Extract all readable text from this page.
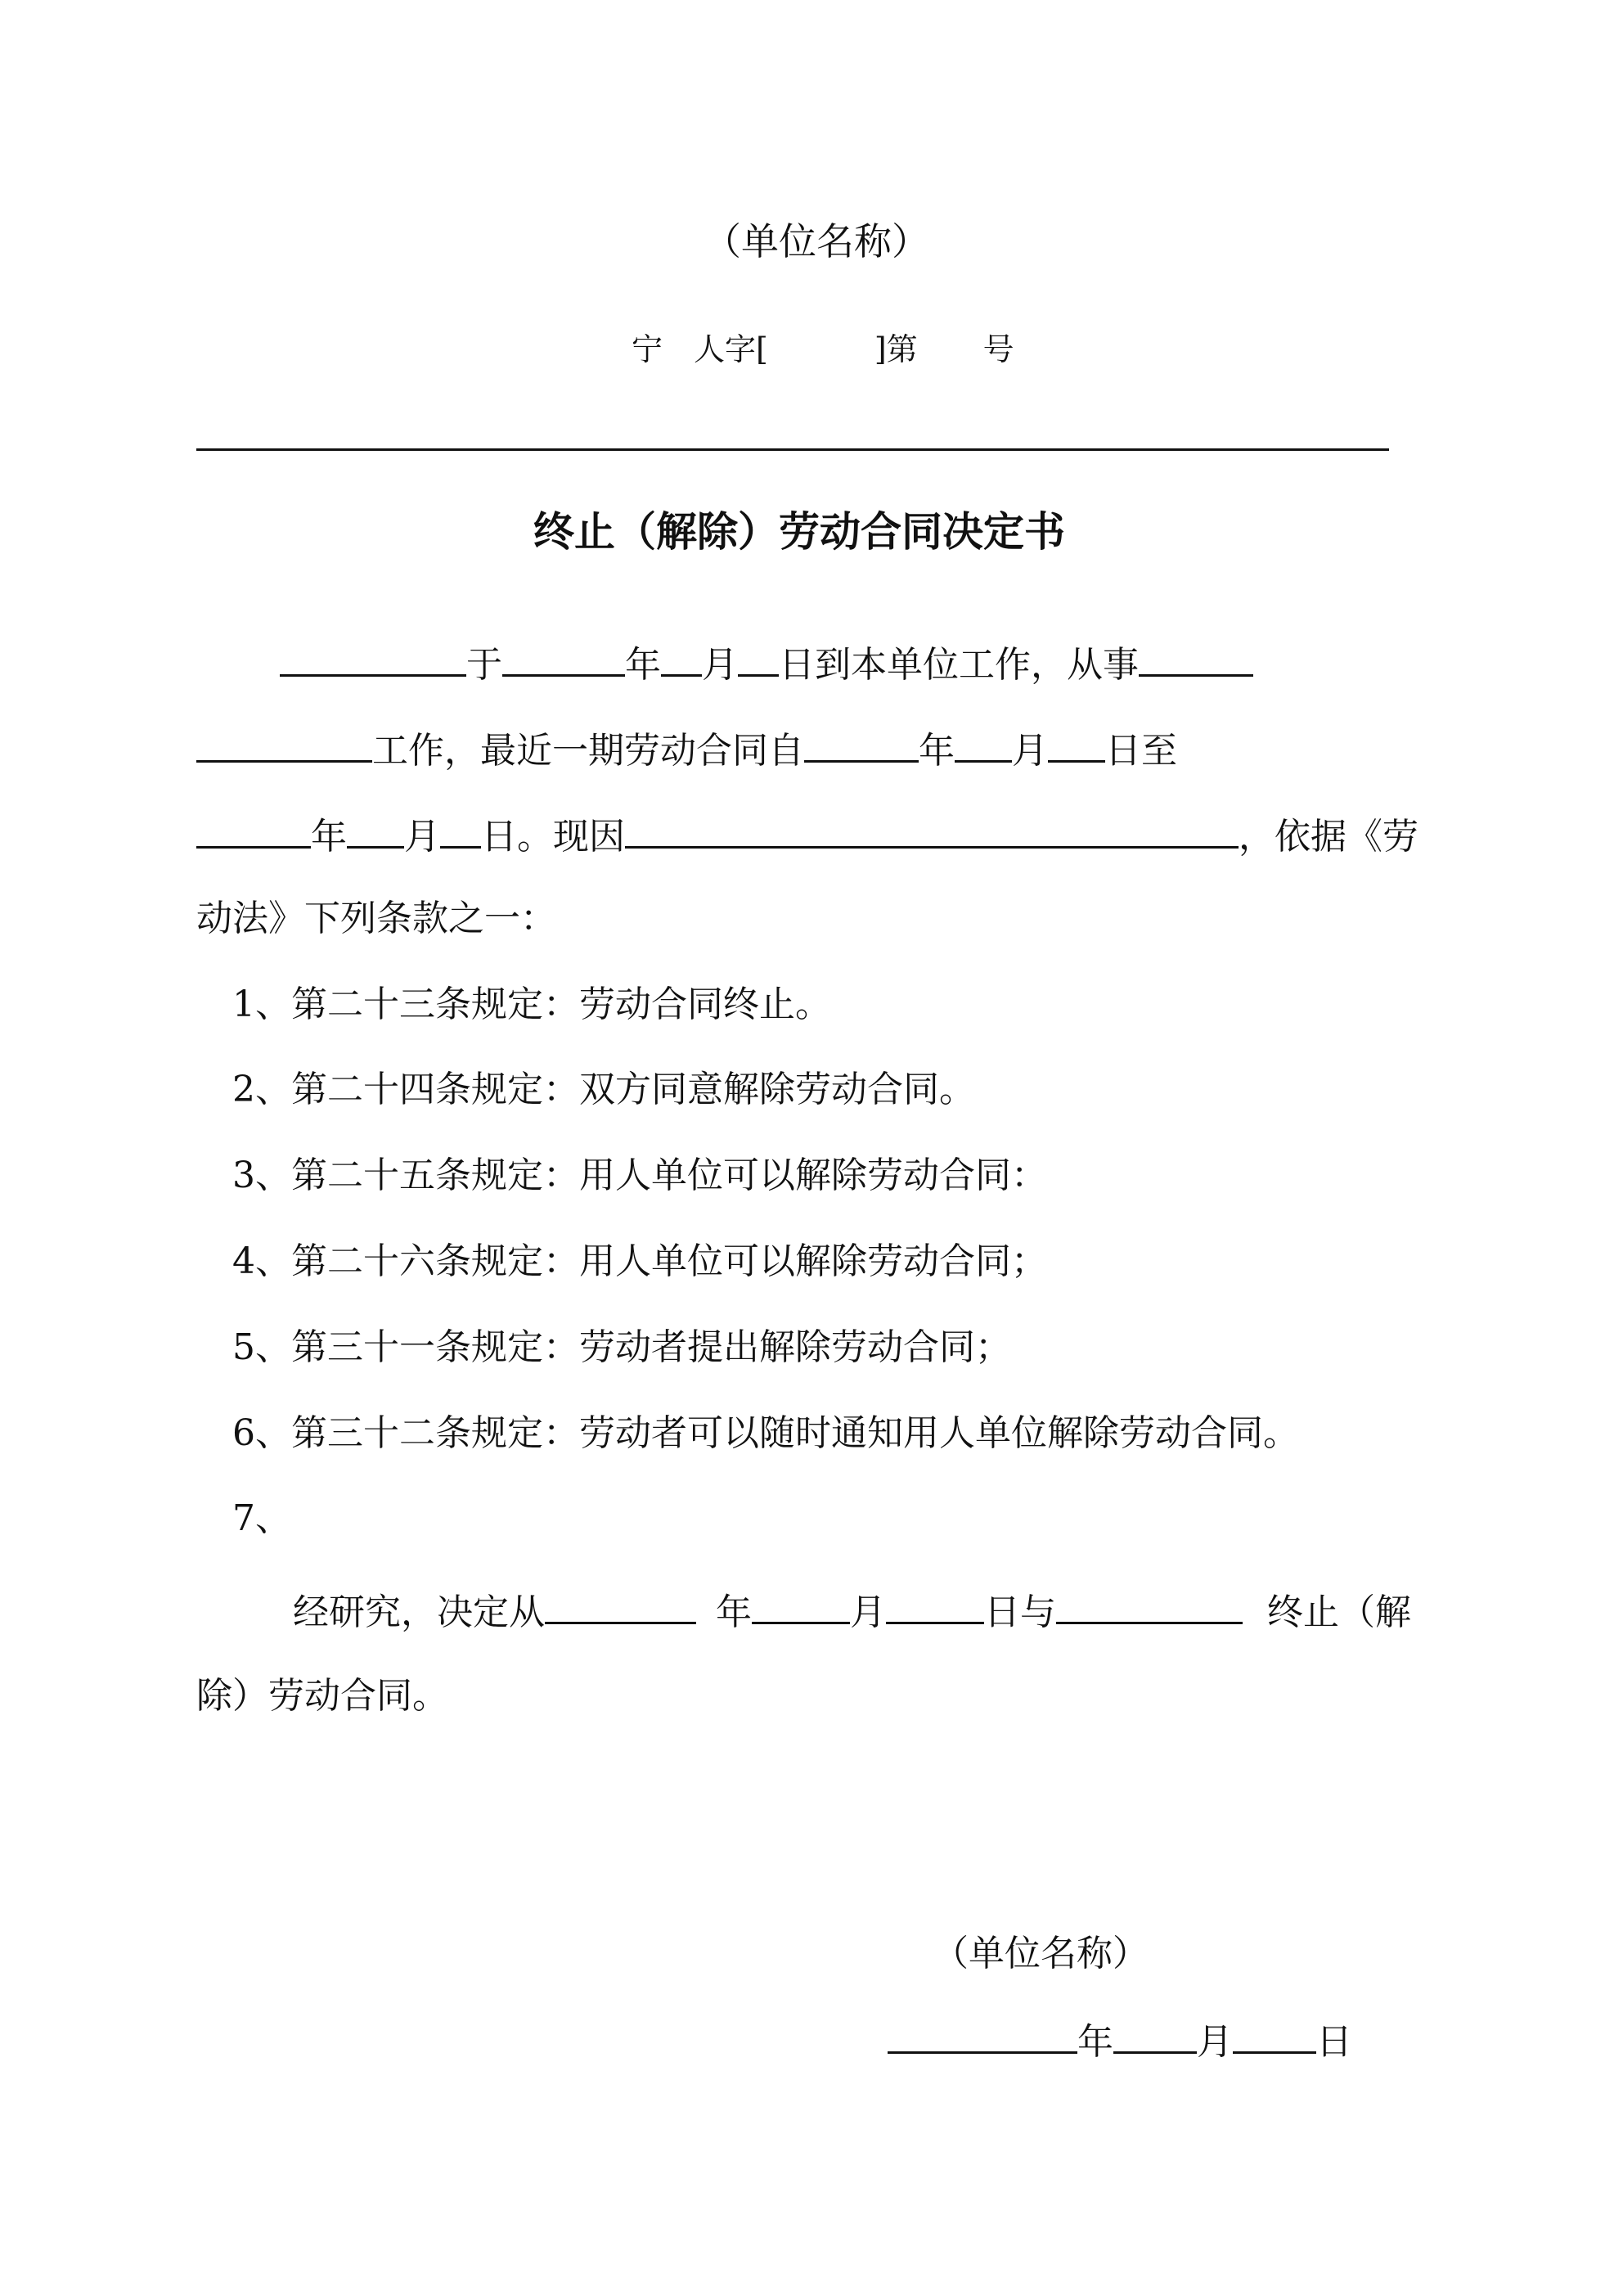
（单位名称）
宁　人字[	]第 号
终止（解除）劳动合同决定书
于	年 月 日到本单位工作，从事
工作，最近一期劳动合同自	年 月 日至
年 月 日。现因	，依据《劳
动法》下列条款之一：
1、第二十三条规定：劳动合同终止。
2、第二十四条规定：双方同意解除劳动合同。
3、第二十五条规定：用人单位可以解除劳动合同：
4、第二十六条规定：用人单位可以解除劳动合同；
5、第三十一条规定：劳动者提出解除劳动合同；
6、第三十二条规定：劳动者可以随时通知用人单位解除劳动合同。
7、
经研究，决定从	年	月	日与	终止（解
除）劳动合同。
（单位名称）
年 月 日
